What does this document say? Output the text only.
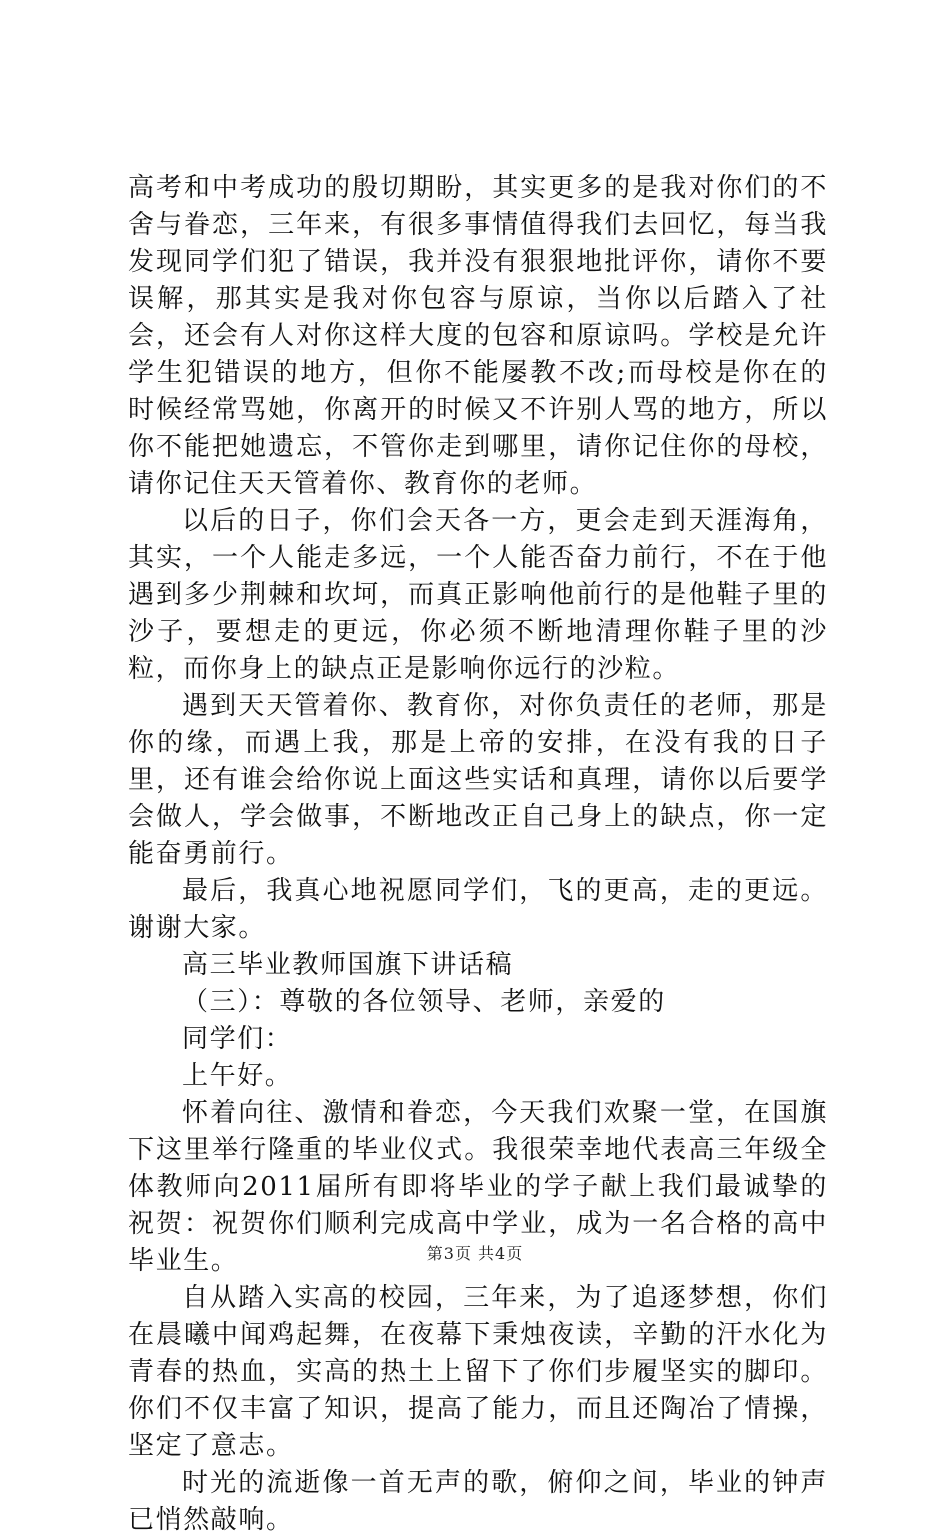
高考和中考成功的殷切期盼，其实更多的是我对你们的不舍与眷恋，三年来，有很多事情值得我们去回忆，每当我发现同学们犯了错误，我并没有狠狠地批评你，请你不要误解，那其实是我对你包容与原谅，当你以后踏入了社会，还会有人对你这样大度的包容和原谅吗。学校是允许学生犯错误的地方，但你不能屡教不改;而母校是你在的时候经常骂她，你离开的时候又不许别人骂的地方，所以你不能把她遗忘，不管你走到哪里，请你记住你的母校，请你记住天天管着你、教育你的老师。

以后的日子，你们会天各一方，更会走到天涯海角，其实，一个人能走多远，一个人能否奋力前行，不在于他遇到多少荆棘和坎坷，而真正影响他前行的是他鞋子里的沙子，要想走的更远，你必须不断地清理你鞋子里的沙粒，而你身上的缺点正是影响你远行的沙粒。

遇到天天管着你、教育你，对你负责任的老师，那是你的缘，而遇上我，那是上帝的安排，在没有我的日子里，还有谁会给你说上面这些实话和真理，请你以后要学会做人，学会做事，不断地改正自己身上的缺点，你一定能奋勇前行。

最后，我真心地祝愿同学们，飞的更高，走的更远。谢谢大家。

高三毕业教师国旗下讲话稿

（三）：尊敬的各位领导、老师，亲爱的

同学们：

上午好。

怀着向往、激情和眷恋，今天我们欢聚一堂，在国旗下这里举行隆重的毕业仪式。我很荣幸地代表高三年级全体教师向2011届所有即将毕业的学子献上我们最诚挚的祝贺：祝贺你们顺利完成高中学业，成为一名合格的高中毕业生。

自从踏入实高的校园，三年来，为了追逐梦想，你们在晨曦中闻鸡起舞，在夜幕下秉烛夜读，辛勤的汗水化为青春的热血，实高的热土上留下了你们步履坚实的脚印。你们不仅丰富了知识，提高了能力，而且还陶冶了情操，坚定了意志。

时光的流逝像一首无声的歌，俯仰之间，毕业的钟声已悄然敲响。

第3页 共4页
